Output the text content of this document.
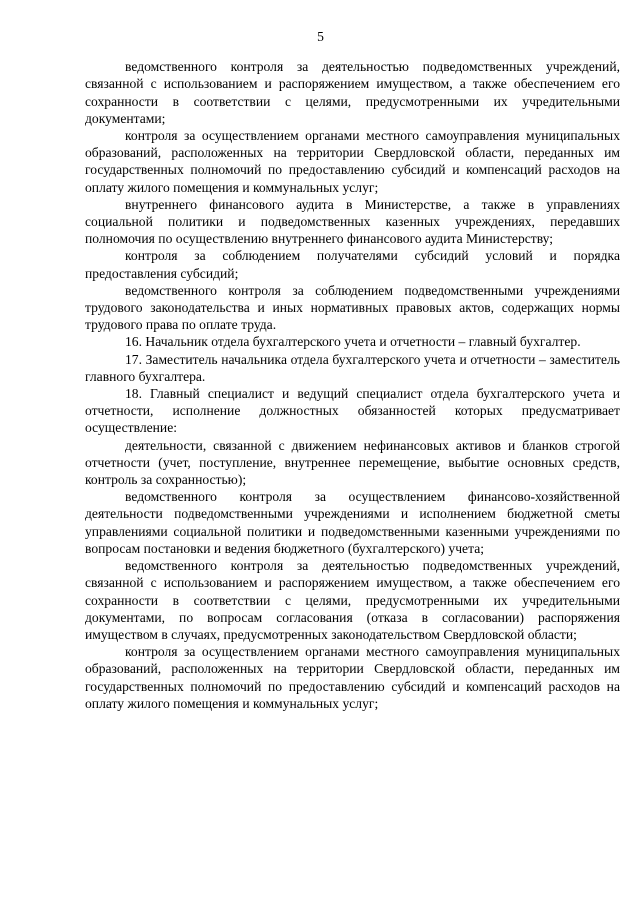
5

ведомственного контроля за деятельностью подведомственных учреждений, связанной с использованием и распоряжением имуществом, а также обеспечением его сохранности в соответствии с целями, предусмотренными их учредительными документами;

контроля за осуществлением органами местного самоуправления муниципальных образований, расположенных на территории Свердловской области, переданных им государственных полномочий по предоставлению субсидий и компенсаций расходов на оплату жилого помещения и коммунальных услуг;

внутреннего финансового аудита в Министерстве, а также в управлениях социальной политики и подведомственных казенных учреждениях, передавших полномочия по осуществлению внутреннего финансового аудита Министерству;

контроля за соблюдением получателями субсидий условий и порядка предоставления субсидий;

ведомственного контроля за соблюдением подведомственными учреждениями трудового законодательства и иных нормативных правовых актов, содержащих нормы трудового права по оплате труда.

16. Начальник отдела бухгалтерского учета и отчетности – главный бухгалтер.

17. Заместитель начальника отдела бухгалтерского учета и отчетности – заместитель главного бухгалтера.

18. Главный специалист и ведущий специалист отдела бухгалтерского учета и отчетности, исполнение должностных обязанностей которых предусматривает осуществление:

деятельности, связанной с движением нефинансовых активов и бланков строгой отчетности (учет, поступление, внутреннее перемещение, выбытие основных средств, контроль за сохранностью);

ведомственного контроля за осуществлением финансово-хозяйственной деятельности подведомственными учреждениями и исполнением бюджетной сметы управлениями социальной политики и подведомственными казенными учреждениями по вопросам постановки и ведения бюджетного (бухгалтерского) учета;

ведомственного контроля за деятельностью подведомственных учреждений, связанной с использованием и распоряжением имуществом, а также обеспечением его сохранности в соответствии с целями, предусмотренными их учредительными документами, по вопросам согласования (отказа в согласовании) распоряжения имуществом в случаях, предусмотренных законодательством Свердловской области;

контроля за осуществлением органами местного самоуправления муниципальных образований, расположенных на территории Свердловской области, переданных им государственных полномочий по предоставлению субсидий и компенсаций расходов на оплату жилого помещения и коммунальных услуг;
